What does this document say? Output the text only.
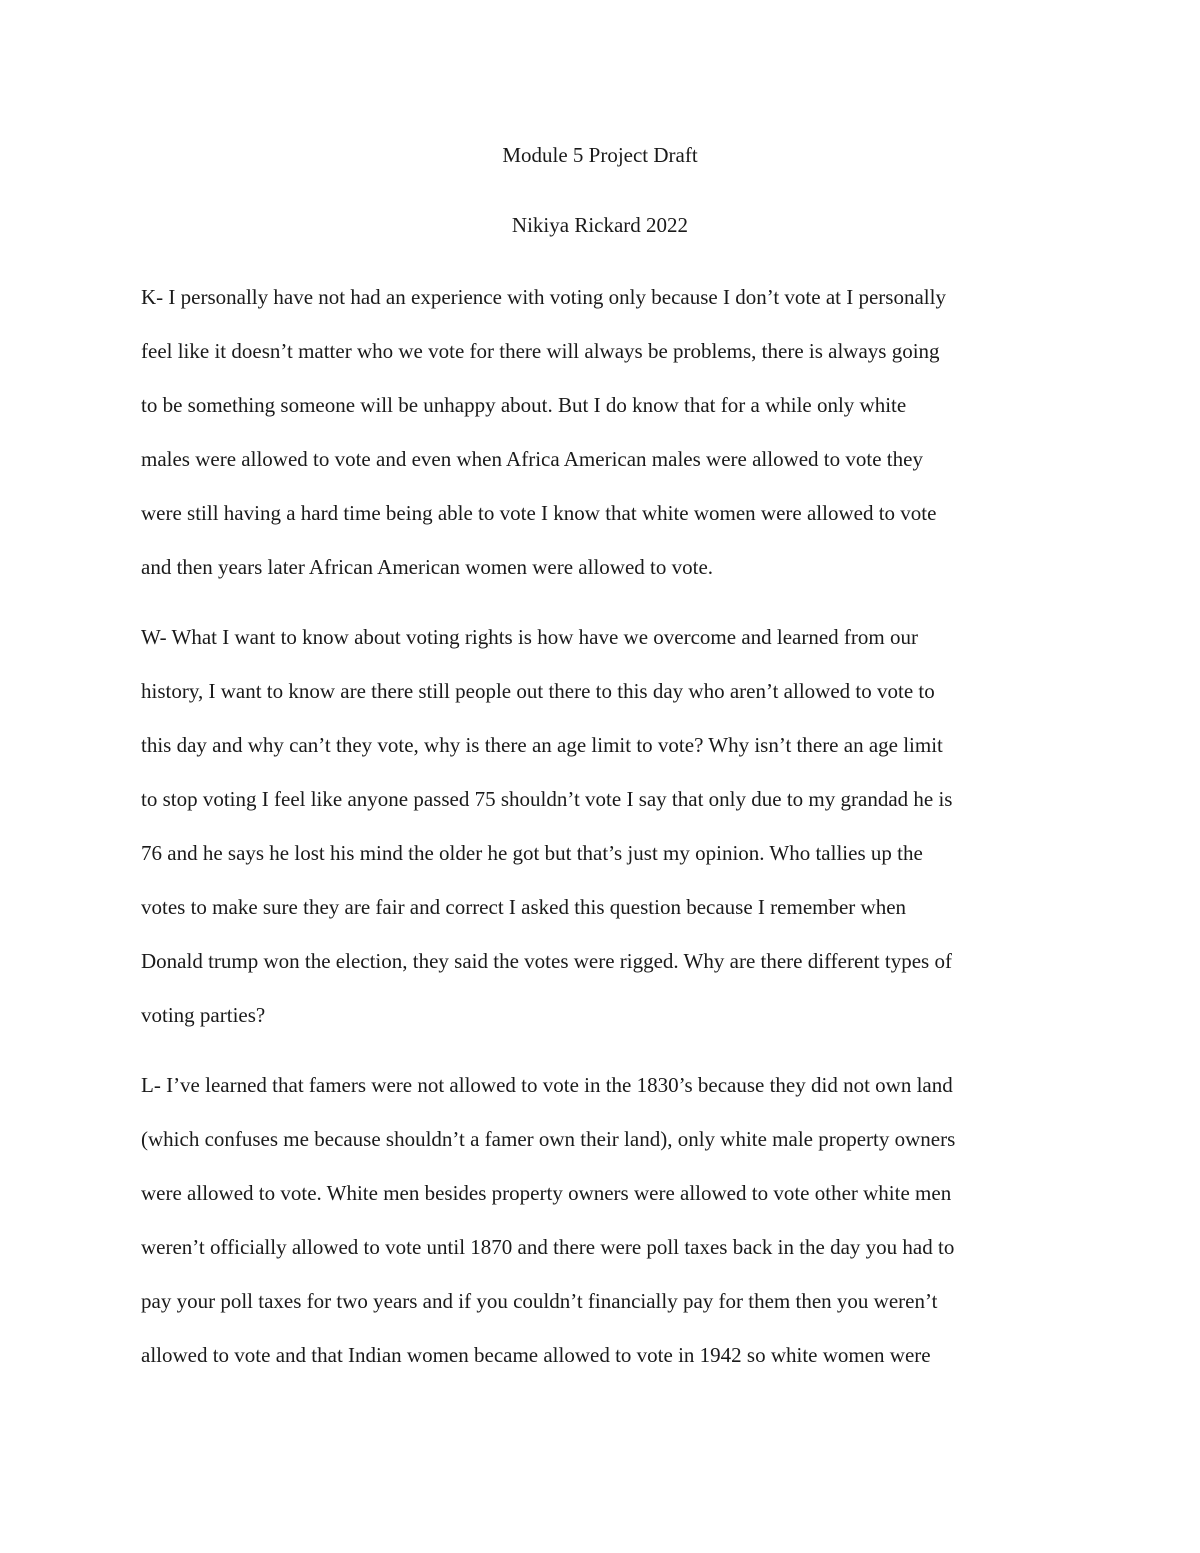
Module 5 Project Draft
Nikiya Rickard 2022
K- I personally have not had an experience with voting only because I don’t vote at I personally
feel like it doesn’t matter who we vote for there will always be problems, there is always going
to be something someone will be unhappy about. But I do know that for a while only white
males were allowed to vote and even when Africa American males were allowed to vote they
were still having a hard time being able to vote I know that white women were allowed to vote
and then years later African American women were allowed to vote.
W- What I want to know about voting rights is how have we overcome and learned from our
history, I want to know are there still people out there to this day who aren’t allowed to vote to
this day and why can’t they vote, why is there an age limit to vote? Why isn’t there an age limit
to stop voting I feel like anyone passed 75 shouldn’t vote I say that only due to my grandad he is
76 and he says he lost his mind the older he got but that’s just my opinion. Who tallies up the
votes to make sure they are fair and correct I asked this question because I remember when
Donald trump won the election, they said the votes were rigged. Why are there different types of
voting parties?
L- I’ve learned that famers were not allowed to vote in the 1830’s because they did not own land
(which confuses me because shouldn’t a famer own their land), only white male property owners
were allowed to vote. White men besides property owners were allowed to vote other white men
weren’t officially allowed to vote until 1870 and there were poll taxes back in the day you had to
pay your poll taxes for two years and if you couldn’t financially pay for them then you weren’t
allowed to vote and that Indian women became allowed to vote in 1942 so white women were
